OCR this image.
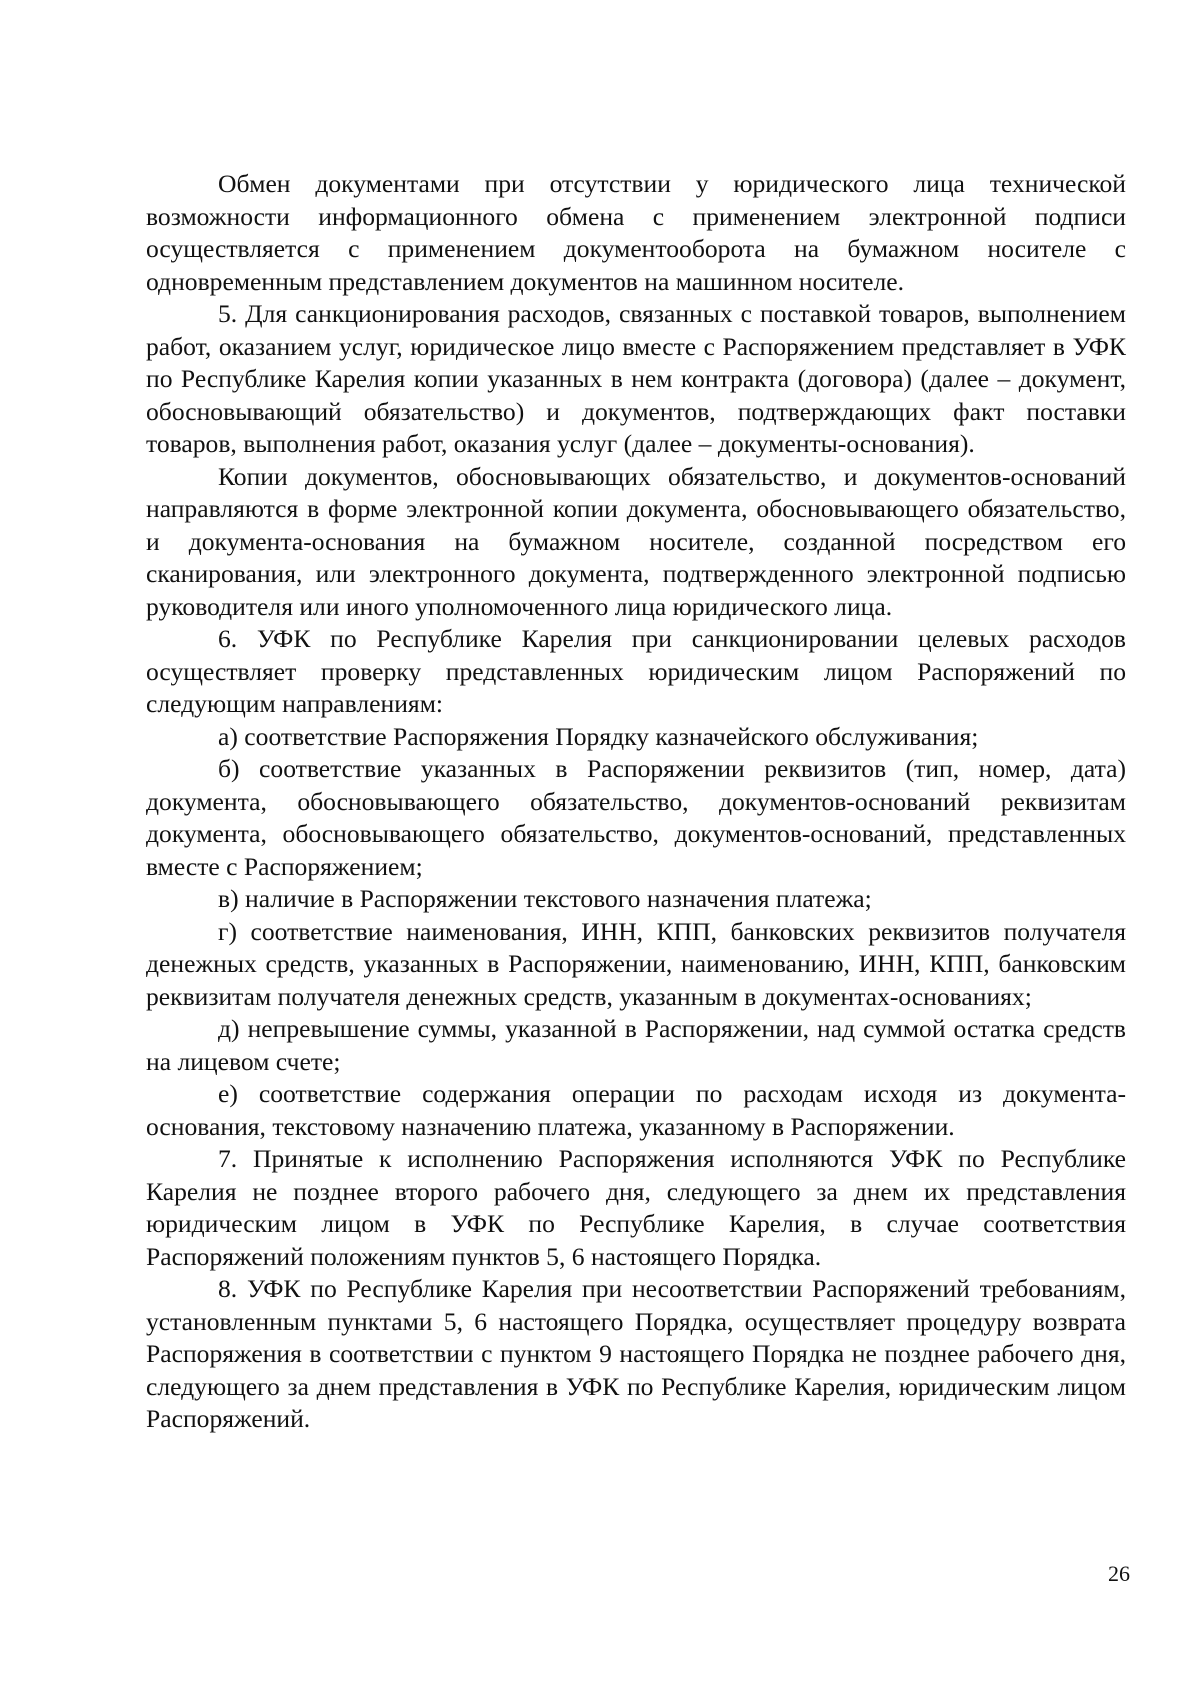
Обмен документами при отсутствии у юридического лица технической возможности информационного обмена с применением электронной подписи осуществляется с применением документооборота на бумажном носителе с одновременным представлением документов на машинном носителе.

5. Для санкционирования расходов, связанных с поставкой товаров, выполнением работ, оказанием услуг, юридическое лицо вместе с Распоряжением представляет в УФК по Республике Карелия копии указанных в нем контракта (договора) (далее – документ, обосновывающий обязательство) и документов, подтверждающих факт поставки товаров, выполнения работ, оказания услуг (далее – документы-основания).

Копии документов, обосновывающих обязательство, и документов-оснований направляются в форме электронной копии документа, обосновывающего обязательство, и документа-основания на бумажном носителе, созданной посредством его сканирования, или электронного документа, подтвержденного электронной подписью руководителя или иного уполномоченного лица юридического лица.

6. УФК по Республике Карелия при санкционировании целевых расходов осуществляет проверку представленных юридическим лицом Распоряжений по следующим направлениям:

а) соответствие Распоряжения Порядку казначейского обслуживания;

б) соответствие указанных в Распоряжении реквизитов (тип, номер, дата) документа, обосновывающего обязательство, документов-оснований реквизитам документа, обосновывающего обязательство, документов-оснований, представленных вместе с Распоряжением;

в) наличие в Распоряжении текстового назначения платежа;

г) соответствие наименования, ИНН, КПП, банковских реквизитов получателя денежных средств, указанных в Распоряжении, наименованию, ИНН, КПП, банковским реквизитам получателя денежных средств, указанным в документах-основаниях;

д) непревышение суммы, указанной в Распоряжении, над суммой остатка средств на лицевом счете;

е) соответствие содержания операции по расходам исходя из документа-основания, текстовому назначению платежа, указанному в Распоряжении.

7. Принятые к исполнению Распоряжения исполняются УФК по Республике Карелия не позднее второго рабочего дня, следующего за днем их представления юридическим лицом в УФК по Республике Карелия, в случае соответствия Распоряжений положениям пунктов 5, 6 настоящего Порядка.

8. УФК по Республике Карелия при несоответствии Распоряжений требованиям, установленным пунктами 5, 6 настоящего Порядка, осуществляет процедуру возврата Распоряжения в соответствии с пунктом 9 настоящего Порядка не позднее рабочего дня, следующего за днем представления в УФК по Республике Карелия, юридическим лицом Распоряжений.

26
